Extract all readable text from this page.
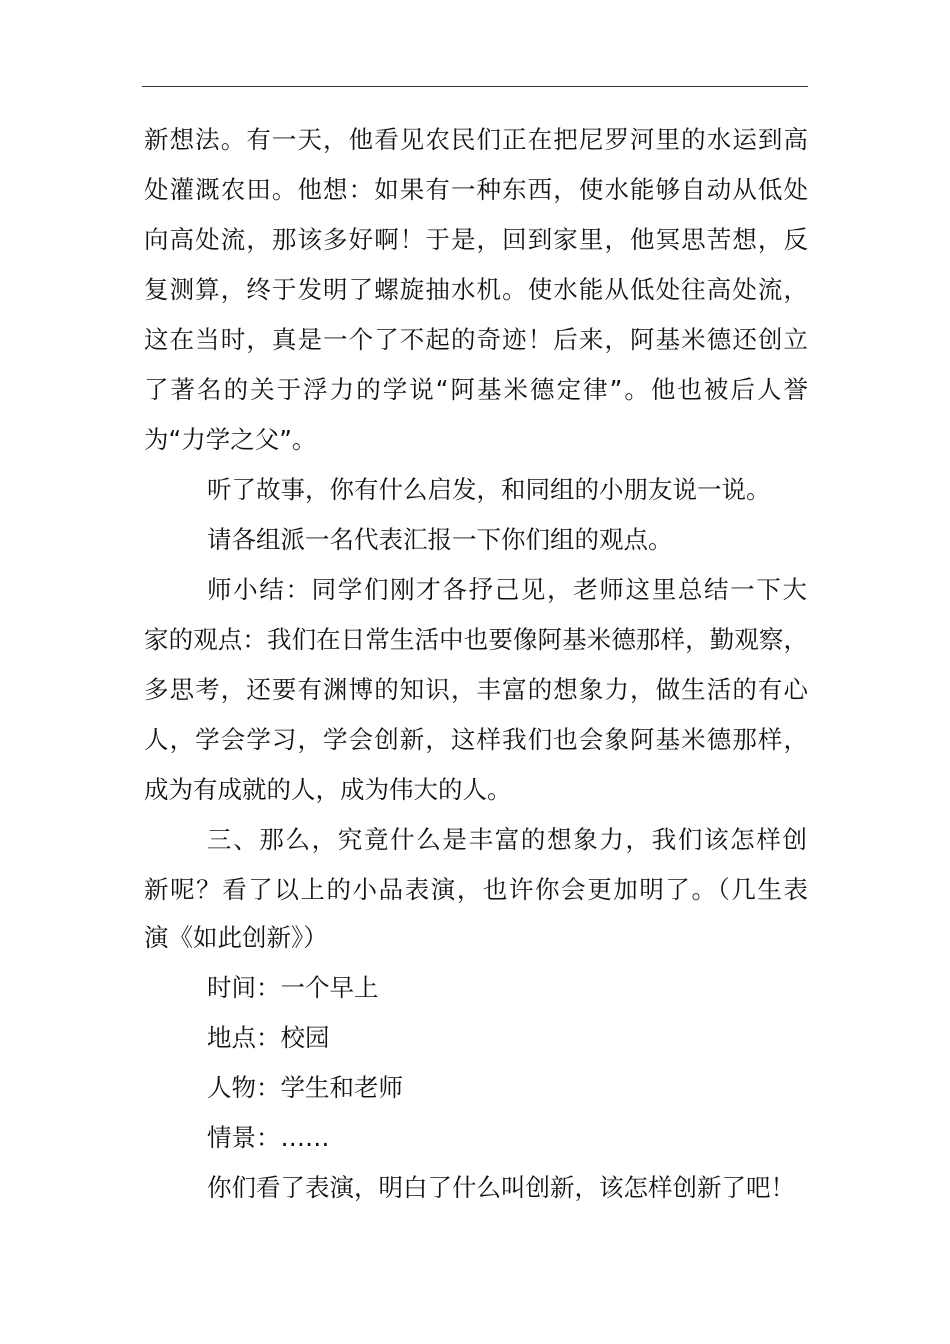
新想法。有一天，他看见农民们正在把尼罗河里的水运到高
处灌溉农田。他想：如果有一种东西，使水能够自动从低处
向高处流，那该多好啊！于是，回到家里，他冥思苦想，反
复测算，终于发明了螺旋抽水机。使水能从低处往高处流，
这在当时，真是一个了不起的奇迹！后来，阿基米德还创立
了著名的关于浮力的学说“阿基米德定律”。他也被后人誉
为“力学之父”。
听了故事，你有什么启发，和同组的小朋友说一说。
请各组派一名代表汇报一下你们组的观点。
师小结：同学们刚才各抒己见，老师这里总结一下大
家的观点：我们在日常生活中也要像阿基米德那样，勤观察，
多思考，还要有渊博的知识，丰富的想象力，做生活的有心
人，学会学习，学会创新，这样我们也会象阿基米德那样，
成为有成就的人，成为伟大的人。
三、那么，究竟什么是丰富的想象力，我们该怎样创
新呢？看了以上的小品表演，也许你会更加明了。（几生表
演《如此创新》）
时间：一个早上
地点：校园
人物：学生和老师
情景：……
你们看了表演，明白了什么叫创新，该怎样创新了吧！
